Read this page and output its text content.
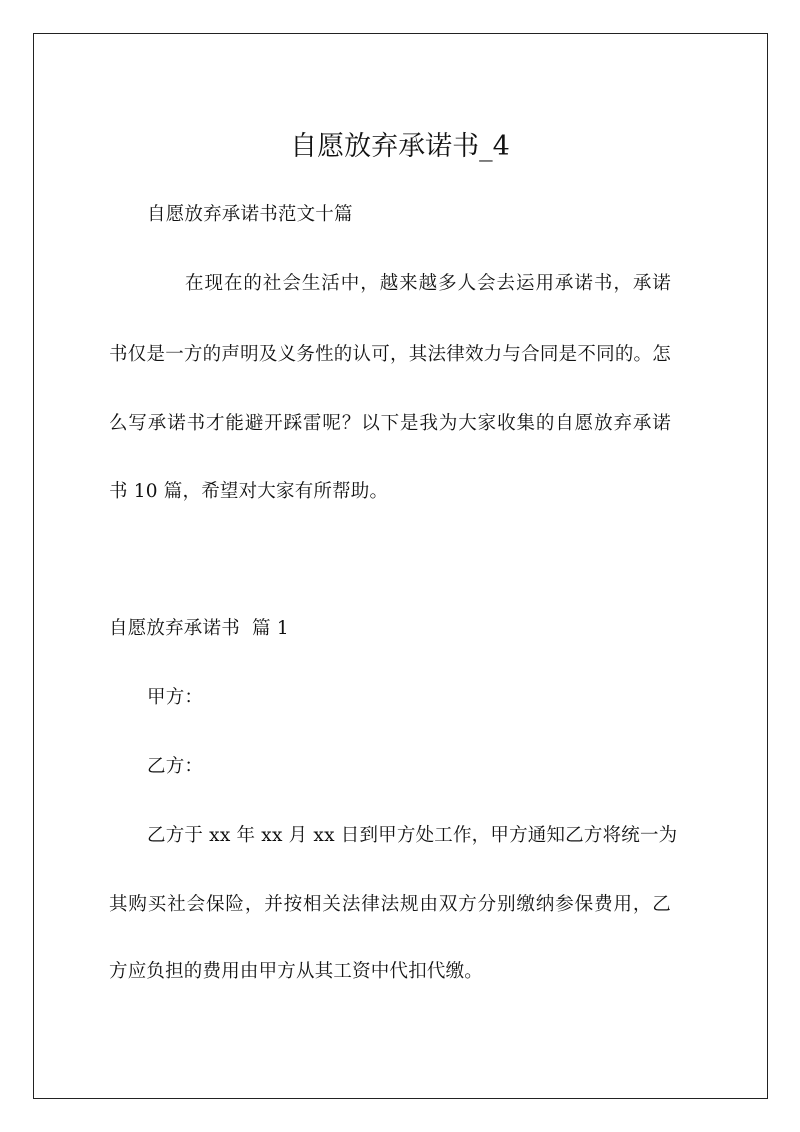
自愿放弃承诺书_4
自愿放弃承诺书范文十篇
在现在的社会生活中，越来越多人会去运用承诺书，承诺
书仅是一方的声明及义务性的认可，其法律效力与合同是不同的。怎
么写承诺书才能避开踩雷呢？以下是我为大家收集的自愿放弃承诺
书 10 篇，希望对大家有所帮助。
自愿放弃承诺书  篇 1
甲方：
乙方：
乙方于 xx 年 xx 月 xx 日到甲方处工作，甲方通知乙方将统一为
其购买社会保险，并按相关法律法规由双方分别缴纳参保费用，乙
方应负担的费用由甲方从其工资中代扣代缴。
